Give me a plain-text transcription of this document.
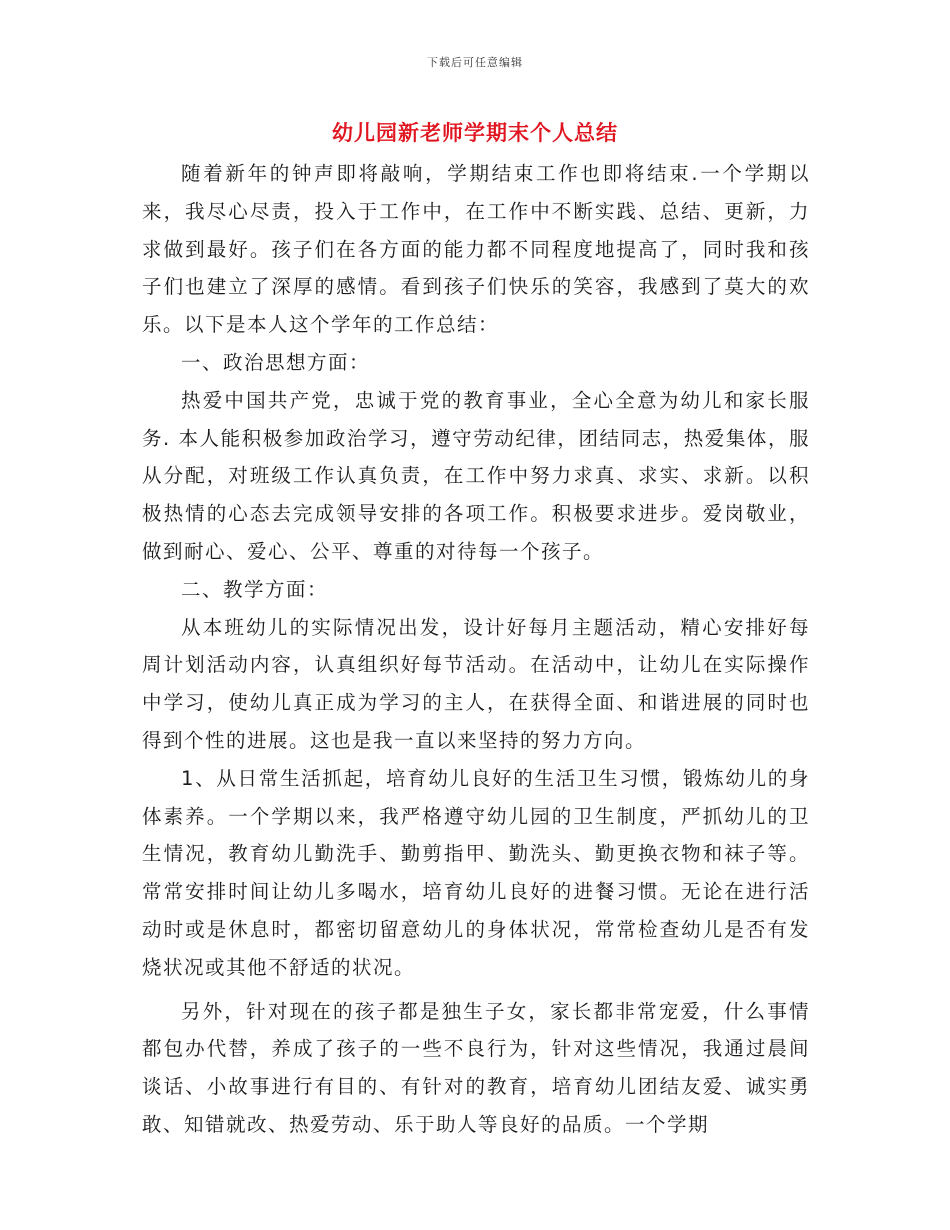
下载后可任意编辑
幼儿园新老师学期末个人总结

随着新年的钟声即将敲响，学期结束工作也即将结束.一个学期以来，我尽心尽责，投入于工作中，在工作中不断实践、总结、更新，力求做到最好。孩子们在各方面的能力都不同程度地提高了，同时我和孩子们也建立了深厚的感情。看到孩子们快乐的笑容，我感到了莫大的欢乐。以下是本人这个学年的工作总结：

一、政治思想方面：

热爱中国共产党，忠诚于党的教育事业，全心全意为幼儿和家长服务. 本人能积极参加政治学习，遵守劳动纪律，团结同志，热爱集体，服从分配，对班级工作认真负责，在工作中努力求真、求实、求新。以积极热情的心态去完成领导安排的各项工作。积极要求进步。爱岗敬业，做到耐心、爱心、公平、尊重的对待每一个孩子。

二、教学方面：

从本班幼儿的实际情况出发，设计好每月主题活动，精心安排好每周计划活动内容，认真组织好每节活动。在活动中，让幼儿在实际操作中学习，使幼儿真正成为学习的主人，在获得全面、和谐进展的同时也得到个性的进展。这也是我一直以来坚持的努力方向。

1、从日常生活抓起，培育幼儿良好的生活卫生习惯，锻炼幼儿的身体素养。一个学期以来，我严格遵守幼儿园的卫生制度，严抓幼儿的卫生情况，教育幼儿勤洗手、勤剪指甲、勤洗头、勤更换衣物和袜子等。常常安排时间让幼儿多喝水，培育幼儿良好的进餐习惯。无论在进行活动时或是休息时，都密切留意幼儿的身体状况，常常检查幼儿是否有发烧状况或其他不舒适的状况。

另外，针对现在的孩子都是独生子女，家长都非常宠爱，什么事情都包办代替，养成了孩子的一些不良行为，针对这些情况，我通过晨间谈话、小故事进行有目的、有针对的教育，培育幼儿团结友爱、诚实勇敢、知错就改、热爱劳动、乐于助人等良好的品质。一个学期
